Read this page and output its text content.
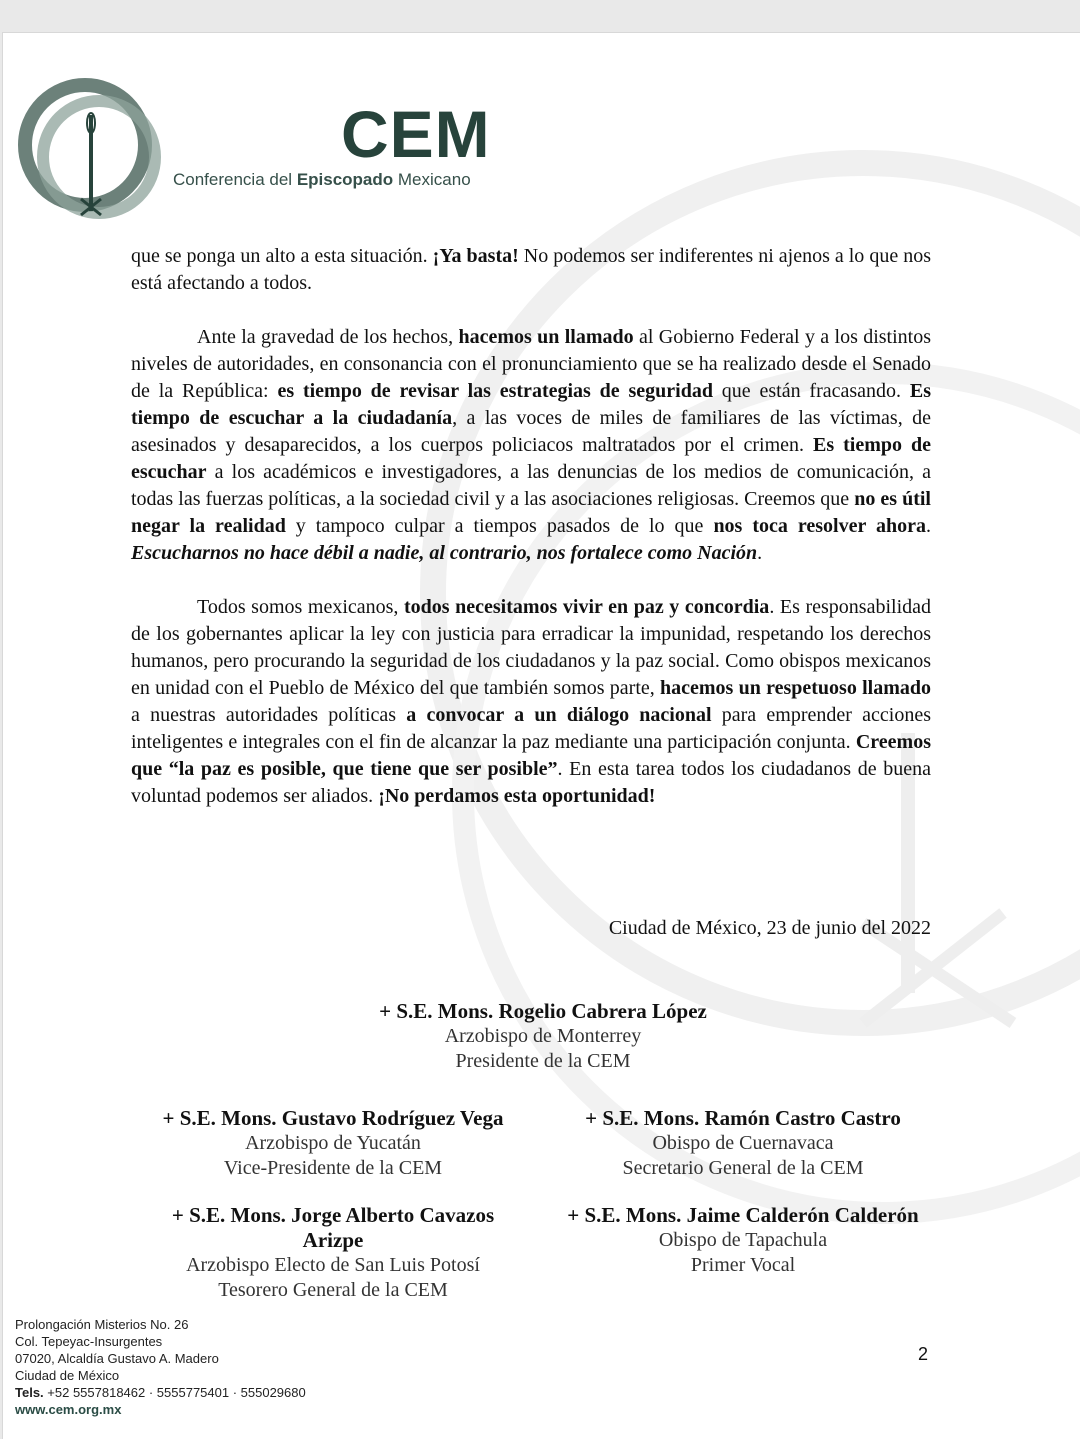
CEM
Conferencia del Episcopado Mexicano

que se ponga un alto a esta situación. ¡Ya basta! No podemos ser indiferentes ni ajenos a lo que nos está afectando a todos.

Ante la gravedad de los hechos, hacemos un llamado al Gobierno Federal y a los distintos niveles de autoridades, en consonancia con el pronunciamiento que se ha realizado desde el Senado de la República: es tiempo de revisar las estrategias de seguridad que están fracasando. Es tiempo de escuchar a la ciudadanía, a las voces de miles de familiares de las víctimas, de asesinados y desaparecidos, a los cuerpos policiacos maltratados por el crimen. Es tiempo de escuchar a los académicos e investigadores, a las denuncias de los medios de comunicación, a todas las fuerzas políticas, a la sociedad civil y a las asociaciones religiosas. Creemos que no es útil negar la realidad y tampoco culpar a tiempos pasados de lo que nos toca resolver ahora. Escucharnos no hace débil a nadie, al contrario, nos fortalece como Nación.

Todos somos mexicanos, todos necesitamos vivir en paz y concordia. Es responsabilidad de los gobernantes aplicar la ley con justicia para erradicar la impunidad, respetando los derechos humanos, pero procurando la seguridad de los ciudadanos y la paz social. Como obispos mexicanos en unidad con el Pueblo de México del que también somos parte, hacemos un respetuoso llamado a nuestras autoridades políticas a convocar a un diálogo nacional para emprender acciones inteligentes e integrales con el fin de alcanzar la paz mediante una participación conjunta. Creemos que “la paz es posible, que tiene que ser posible”. En esta tarea todos los ciudadanos de buena voluntad podemos ser aliados. ¡No perdamos esta oportunidad!

Ciudad de México, 23 de junio del 2022
+ S.E. Mons. Rogelio Cabrera López
Arzobispo de Monterrey
Presidente de la CEM
+ S.E. Mons. Gustavo Rodríguez Vega
Arzobispo de Yucatán
Vice-Presidente de la CEM
+ S.E. Mons. Ramón Castro Castro
Obispo de Cuernavaca
Secretario General de la CEM
+ S.E. Mons. Jorge Alberto Cavazos Arizpe
Arzobispo Electo de San Luis Potosí
Tesorero General de la CEM
+ S.E. Mons. Jaime Calderón Calderón
Obispo de Tapachula
Primer Vocal
Prolongación Misterios No. 26
Col. Tepeyac-Insurgentes
07020, Alcaldía Gustavo A. Madero
Ciudad de México
Tels. +52 5557818462 · 5555775401 · 555029680
www.cem.org.mx
2
